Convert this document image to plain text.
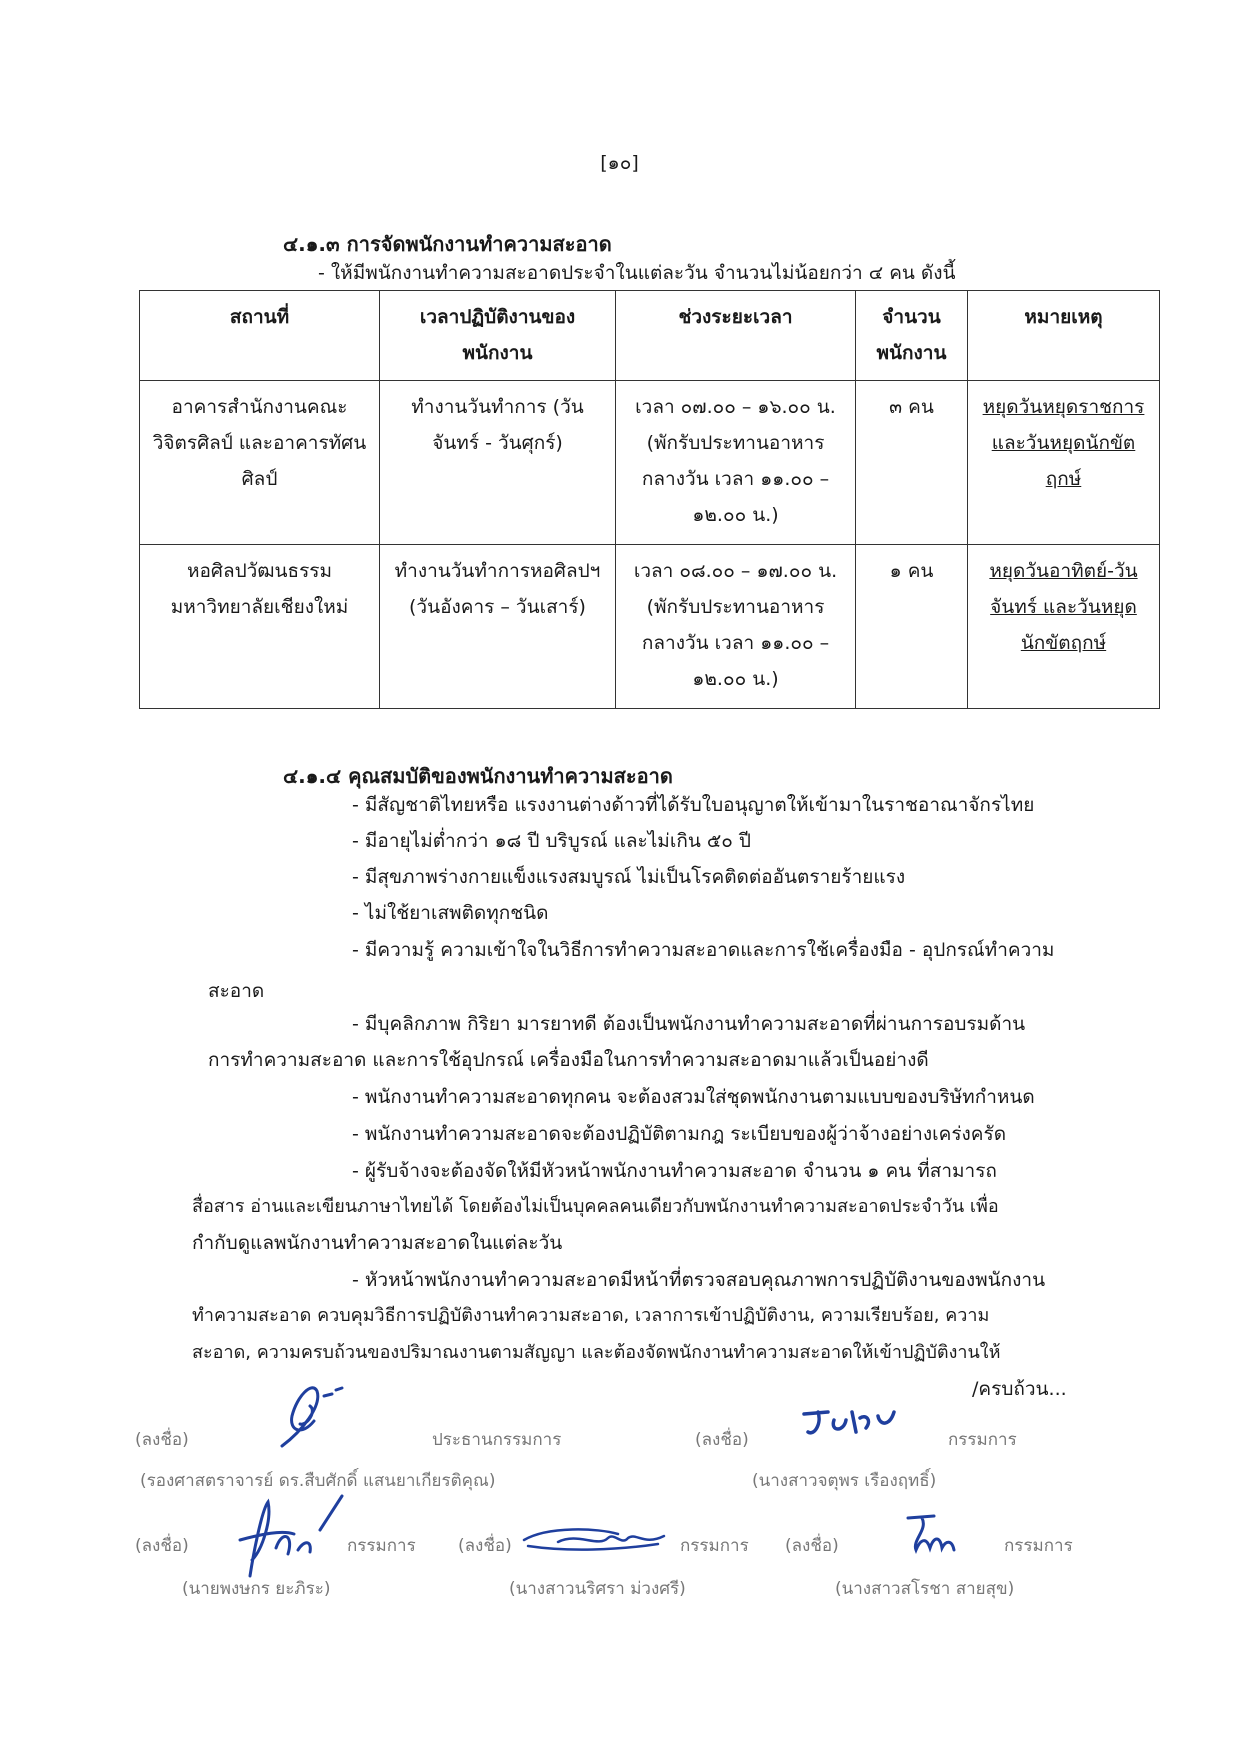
[๑๐]
๔.๑.๓ การจัดพนักงานทำความสะอาด
- ให้มีพนักงานทำความสะอาดประจำในแต่ละวัน จำนวนไม่น้อยกว่า ๔ คน ดังนี้
สถานที่	เวลาปฏิบัติงานของพนักงาน	ช่วงระยะเวลา	จำนวนพนักงาน	หมายเหตุ
อาคารสำนักงานคณะวิจิตรศิลป์ และอาคารทัศนศิลป์	ทำงานวันทำการ (วันจันทร์ - วันศุกร์)	เวลา ๐๗.๐๐ – ๑๖.๐๐ น. (พักรับประทานอาหารกลางวัน เวลา ๑๑.๐๐ – ๑๒.๐๐ น.)	๓ คน	หยุดวันหยุดราชการและวันหยุดนักขัตฤกษ์
หอศิลปวัฒนธรรม มหาวิทยาลัยเชียงใหม่	ทำงานวันทำการหอศิลปฯ (วันอังคาร – วันเสาร์)	เวลา ๐๘.๐๐ – ๑๗.๐๐ น. (พักรับประทานอาหารกลางวัน เวลา ๑๑.๐๐ – ๑๒.๐๐ น.)	๑ คน	หยุดวันอาทิตย์-วันจันทร์ และวันหยุดนักขัตฤกษ์
๔.๑.๔ คุณสมบัติของพนักงานทำความสะอาด
- มีสัญชาติไทยหรือ แรงงานต่างด้าวที่ได้รับใบอนุญาตให้เข้ามาในราชอาณาจักรไทย
- มีอายุไม่ต่ำกว่า ๑๘ ปี บริบูรณ์ และไม่เกิน ๕๐ ปี
- มีสุขภาพร่างกายแข็งแรงสมบูรณ์ ไม่เป็นโรคติดต่ออันตรายร้ายแรง
- ไม่ใช้ยาเสพติดทุกชนิด
- มีความรู้ ความเข้าใจในวิธีการทำความสะอาดและการใช้เครื่องมือ - อุปกรณ์ทำความ
สะอาด
- มีบุคลิกภาพ กิริยา มารยาทดี ต้องเป็นพนักงานทำความสะอาดที่ผ่านการอบรมด้าน
การทำความสะอาด และการใช้อุปกรณ์ เครื่องมือในการทำความสะอาดมาแล้วเป็นอย่างดี
- พนักงานทำความสะอาดทุกคน จะต้องสวมใส่ชุดพนักงานตามแบบของบริษัทกำหนด
- พนักงานทำความสะอาดจะต้องปฏิบัติตามกฎ ระเบียบของผู้ว่าจ้างอย่างเคร่งครัด
- ผู้รับจ้างจะต้องจัดให้มีหัวหน้าพนักงานทำความสะอาด จำนวน ๑ คน ที่สามารถ
สื่อสาร อ่านและเขียนภาษาไทยได้ โดยต้องไม่เป็นบุคคลคนเดียวกับพนักงานทำความสะอาดประจำวัน เพื่อ
กำกับดูแลพนักงานทำความสะอาดในแต่ละวัน
- หัวหน้าพนักงานทำความสะอาดมีหน้าที่ตรวจสอบคุณภาพการปฏิบัติงานของพนักงาน
ทำความสะอาด ควบคุมวิธีการปฏิบัติงานทำความสะอาด, เวลาการเข้าปฏิบัติงาน, ความเรียบร้อย, ความ
สะอาด, ความครบถ้วนของปริมาณงานตามสัญญา และต้องจัดพนักงานทำความสะอาดให้เข้าปฏิบัติงานให้
/ครบถ้วน...
(ลงชื่อ)	ประธานกรรมการ	(ลงชื่อ)	กรรมการ
(รองศาสตราจารย์ ดร.สืบศักดิ์ แสนยาเกียรติคุณ)	(นางสาวจตุพร เรืองฤทธิ์)
(ลงชื่อ)	กรรมการ (ลงชื่อ)	กรรมการ (ลงชื่อ)	กรรมการ
(นายพงษกร ยะภิระ)	(นางสาวนริศรา ม่วงศรี)	(นางสาวสโรชา สายสุข)
